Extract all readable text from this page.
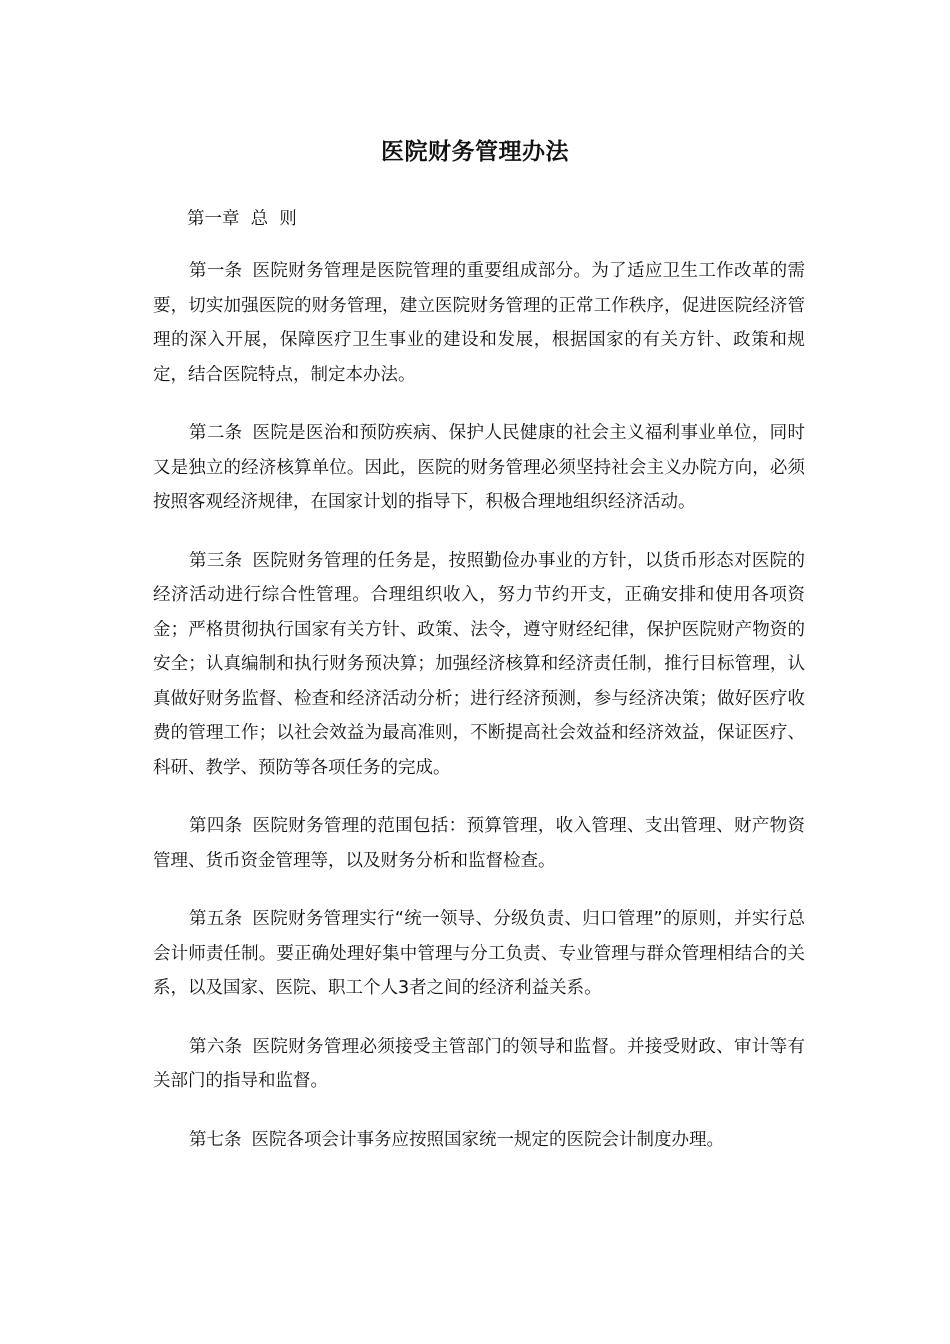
医院财务管理办法

第一章  总  则

第一条 医院财务管理是医院管理的重要组成部分。为了适应卫生工作改革的需要，切实加强医院的财务管理，建立医院财务管理的正常工作秩序，促进医院经济管理的深入开展，保障医疗卫生事业的建设和发展，根据国家的有关方针、政策和规定，结合医院特点，制定本办法。

第二条 医院是医治和预防疾病、保护人民健康的社会主义福利事业单位，同时又是独立的经济核算单位。因此，医院的财务管理必须坚持社会主义办院方向，必须按照客观经济规律，在国家计划的指导下，积极合理地组织经济活动。

第三条 医院财务管理的任务是，按照勤俭办事业的方针，以货币形态对医院的经济活动进行综合性管理。合理组织收入，努力节约开支，正确安排和使用各项资金；严格贯彻执行国家有关方针、政策、法令，遵守财经纪律，保护医院财产物资的安全；认真编制和执行财务预决算；加强经济核算和经济责任制，推行目标管理，认真做好财务监督、检查和经济活动分析；进行经济预测，参与经济决策；做好医疗收费的管理工作；以社会效益为最高准则，不断提高社会效益和经济效益，保证医疗、科研、教学、预防等各项任务的完成。

第四条 医院财务管理的范围包括：预算管理，收入管理、支出管理、财产物资管理、货币资金管理等，以及财务分析和监督检查。

第五条 医院财务管理实行“统一领导、分级负责、归口管理”的原则，并实行总会计师责任制。要正确处理好集中管理与分工负责、专业管理与群众管理相结合的关系，以及国家、医院、职工个人3者之间的经济利益关系。

第六条 医院财务管理必须接受主管部门的领导和监督。并接受财政、审计等有关部门的指导和监督。

第七条 医院各项会计事务应按照国家统一规定的医院会计制度办理。
